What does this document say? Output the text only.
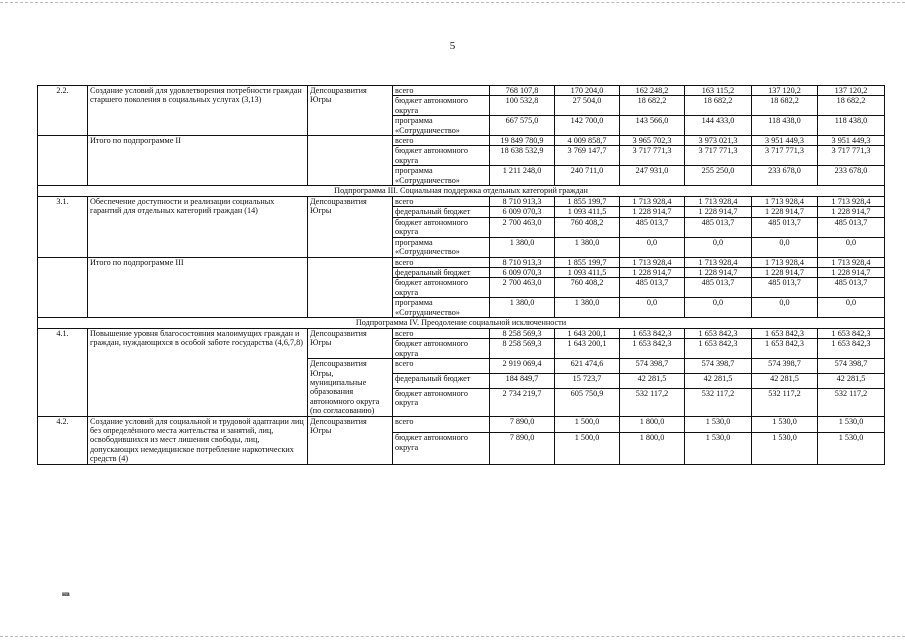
5
2.2.	Создание условий для удовлетворения потребности граждан старшего поколения в социальных услугах (3,13)	Депсоцразвития Югры	всего	768 107,8	170 204,0	162 248,2	163 115,2	137 120,2	137 120,2
			бюджет автономного округа	100 532,8	27 504,0	18 682,2	18 682,2	18 682,2	18 682,2
			программа «Сотрудничество»	667 575,0	142 700,0	143 566,0	144 433,0	118 438,0	118 438,0
	Итого по подпрограмме II		всего	19 849 780,9	4 009 858,7	3 965 702,3	3 973 021,3	3 951 449,3	3 951 449,3
			бюджет автономного округа	18 638 532,9	3 769 147,7	3 717 771,3	3 717 771,3	3 717 771,3	3 717 771,3
			программа «Сотрудничество»	1 211 248,0	240 711,0	247 931,0	255 250,0	233 678,0	233 678,0
Подпрограмма III. Социальная поддержка отдельных категорий граждан									
3.1.	Обеспечение доступности и реализации социальных гарантий для отдельных категорий граждан (14)	Депсоцразвития Югры	всего	8 710 913,3	1 855 199,7	1 713 928,4	1 713 928,4	1 713 928,4	1 713 928,4
			федеральный бюджет	6 009 070,3	1 093 411,5	1 228 914,7	1 228 914,7	1 228 914,7	1 228 914,7
			бюджет автономного округа	2 700 463,0	760 408,2	485 013,7	485 013,7	485 013,7	485 013,7
			программа «Сотрудничество»	1 380,0	1 380,0	0,0	0,0	0,0	0,0
	Итого по подпрограмме III		всего	8 710 913,3	1 855 199,7	1 713 928,4	1 713 928,4	1 713 928,4	1 713 928,4
			федеральный бюджет	6 009 070,3	1 093 411,5	1 228 914,7	1 228 914,7	1 228 914,7	1 228 914,7
			бюджет автономного округа	2 700 463,0	760 408,2	485 013,7	485 013,7	485 013,7	485 013,7
			программа «Сотрудничество»	1 380,0	1 380,0	0,0	0,0	0,0	0,0
Подпрограмма IV. Преодоление социальной исключенности									
4.1.	Повышение уровня благосостояния малоимущих граждан и граждан, нуждающихся в особой заботе государства (4,6,7,8)	Депсоцразвития Югры	всего	8 258 569,3	1 643 200,1	1 653 842,3	1 653 842,3	1 653 842,3	1 653 842,3
			бюджет автономного округа	8 258 569,3	1 643 200,1	1 653 842,3	1 653 842,3	1 653 842,3	1 653 842,3
		Депсоцразвития Югры, муниципальные образования автономного округа (по согласованию)	всего	2 919 069,4	621 474,6	574 398,7	574 398,7	574 398,7	574 398,7
			федеральный бюджет	184 849,7	15 723,7	42 281,5	42 281,5	42 281,5	42 281,5
			бюджет автономного округа	2 734 219,7	605 750,9	532 117,2	532 117,2	532 117,2	532 117,2
4.2.	Создание условий для социальной и трудовой адаптации лиц без определённого места жительства и занятий, лиц, освободившихся из мест лишения свободы, лиц, допускающих немедицинское потребление наркотических средств (4)	Депсоцразвития Югры	всего	7 890,0	1 500,0	1 800,0	1 530,0	1 530,0	1 530,0
			бюджет автономного округа	7 890,0	1 500,0	1 800,0	1 530,0	1 530,0	1 530,0
нв
